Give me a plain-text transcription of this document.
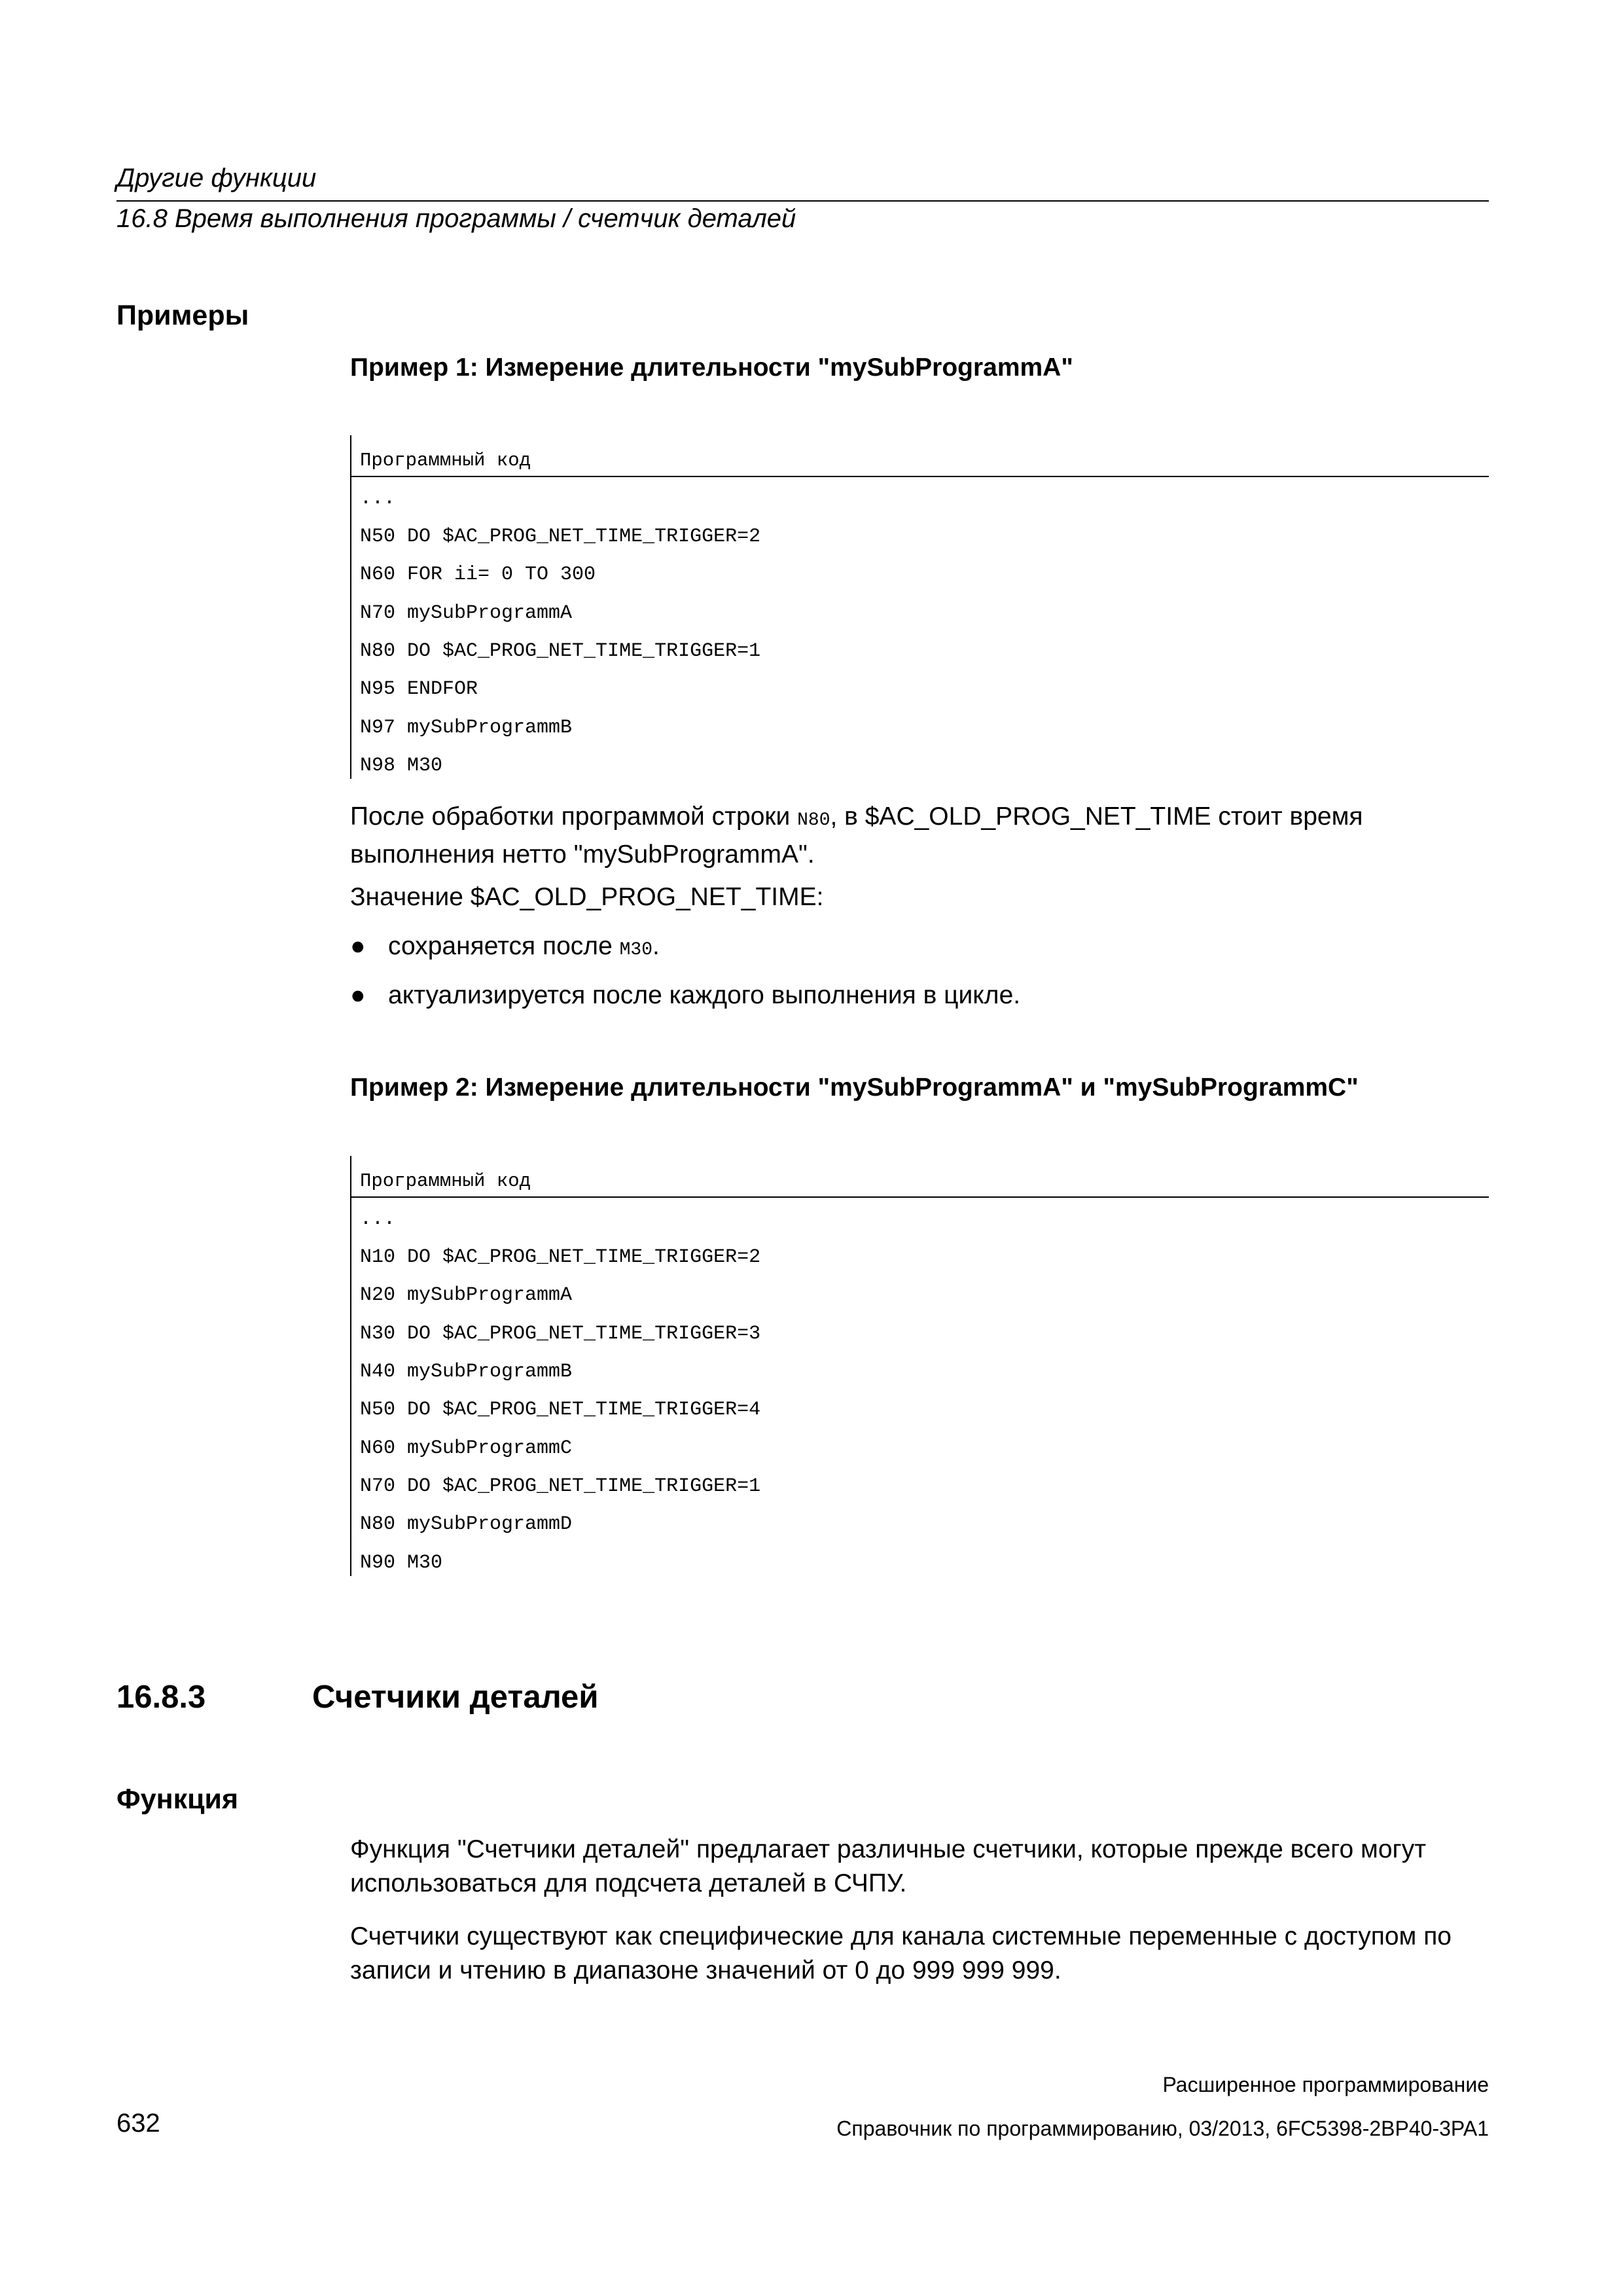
Другие функции
16.8 Время выполнения программы / счетчик деталей
Примеры
Пример 1: Измерение длительности "mySubProgrammA"
Программный код
...
N50 DO $AC_PROG_NET_TIME_TRIGGER=2
N60 FOR ii= 0 TO 300
N70 mySubProgrammA
N80 DO $AC_PROG_NET_TIME_TRIGGER=1
N95 ENDFOR
N97 mySubProgrammB
N98 M30
После обработки программой строки N80, в $AC_OLD_PROG_NET_TIME стоит время выполнения нетто "mySubProgrammA".
Значение $AC_OLD_PROG_NET_TIME:
● сохраняется после M30.
● актуализируется после каждого выполнения в цикле.
Пример 2: Измерение длительности "mySubProgrammA" и "mySubProgrammC"
Программный код
...
N10 DO $AC_PROG_NET_TIME_TRIGGER=2
N20 mySubProgrammA
N30 DO $AC_PROG_NET_TIME_TRIGGER=3
N40 mySubProgrammB
N50 DO $AC_PROG_NET_TIME_TRIGGER=4
N60 mySubProgrammC
N70 DO $AC_PROG_NET_TIME_TRIGGER=1
N80 mySubProgrammD
N90 M30
16.8.3	Счетчики деталей
Функция
Функция "Счетчики деталей" предлагает различные счетчики, которые прежде всего могут использоваться для подсчета деталей в СЧПУ.
Счетчики существуют как специфические для канала системные переменные с доступом по записи и чтению в диапазоне значений от 0 до 999 999 999.
Расширенное программирование
632	Справочник по программированию, 03/2013, 6FC5398-2BP40-3PA1
